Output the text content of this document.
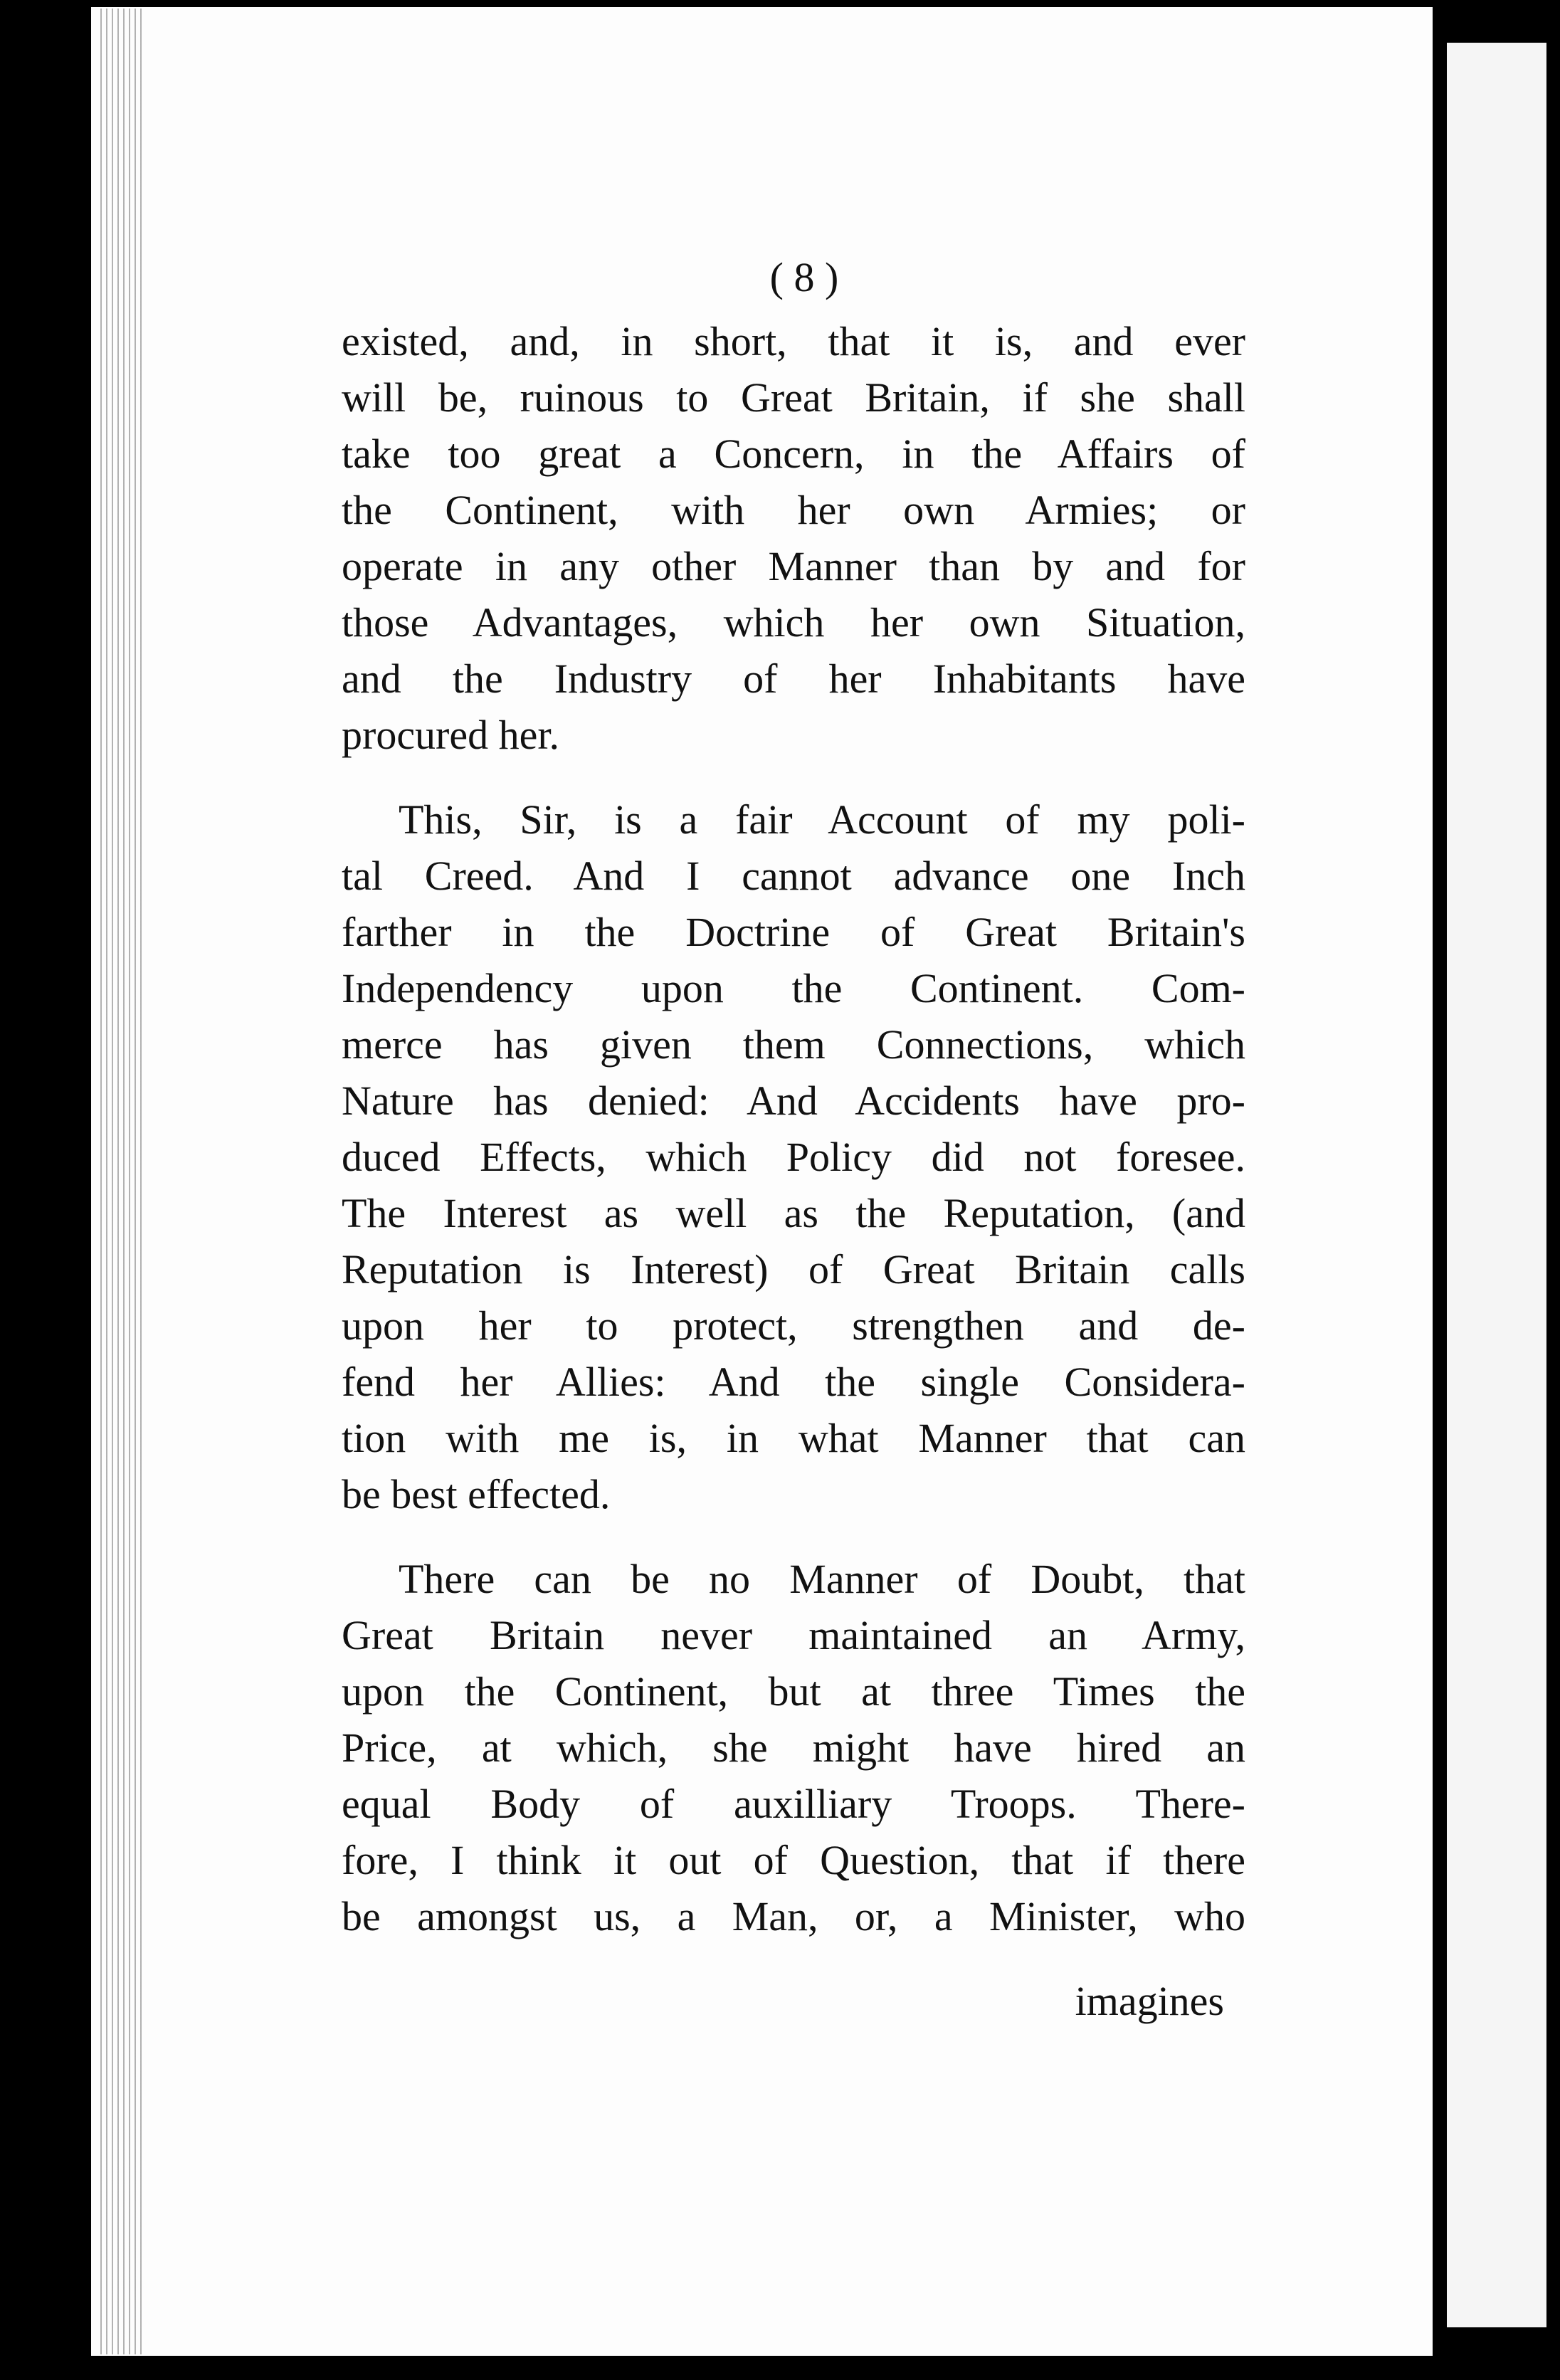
( 8 )
existed, and, in short, that it is, and ever
will be, ruinous to Great Britain, if she shall
take too great a Concern, in the Affairs of
the Continent, with her own Armies; or
operate in any other Manner than by and for
those Advantages, which her own Situation,
and the Industry of her Inhabitants have
procured her.
This, Sir, is a fair Account of my poli-
tal Creed. And I cannot advance one Inch
farther in the Doctrine of Great Britain's
Independency upon the Continent. Com-
merce has given them Connections, which
Nature has denied: And Accidents have pro-
duced Effects, which Policy did not foresee.
The Interest as well as the Reputation, (and
Reputation is Interest) of Great Britain calls
upon her to protect, strengthen and de-
fend her Allies: And the single Considera-
tion with me is, in what Manner that can
be best effected.
There can be no Manner of Doubt, that
Great Britain never maintained an Army,
upon the Continent, but at three Times the
Price, at which, she might have hired an
equal Body of auxilliary Troops. There-
fore, I think it out of Question, that if there
be amongst us, a Man, or, a Minister, who
imagines
